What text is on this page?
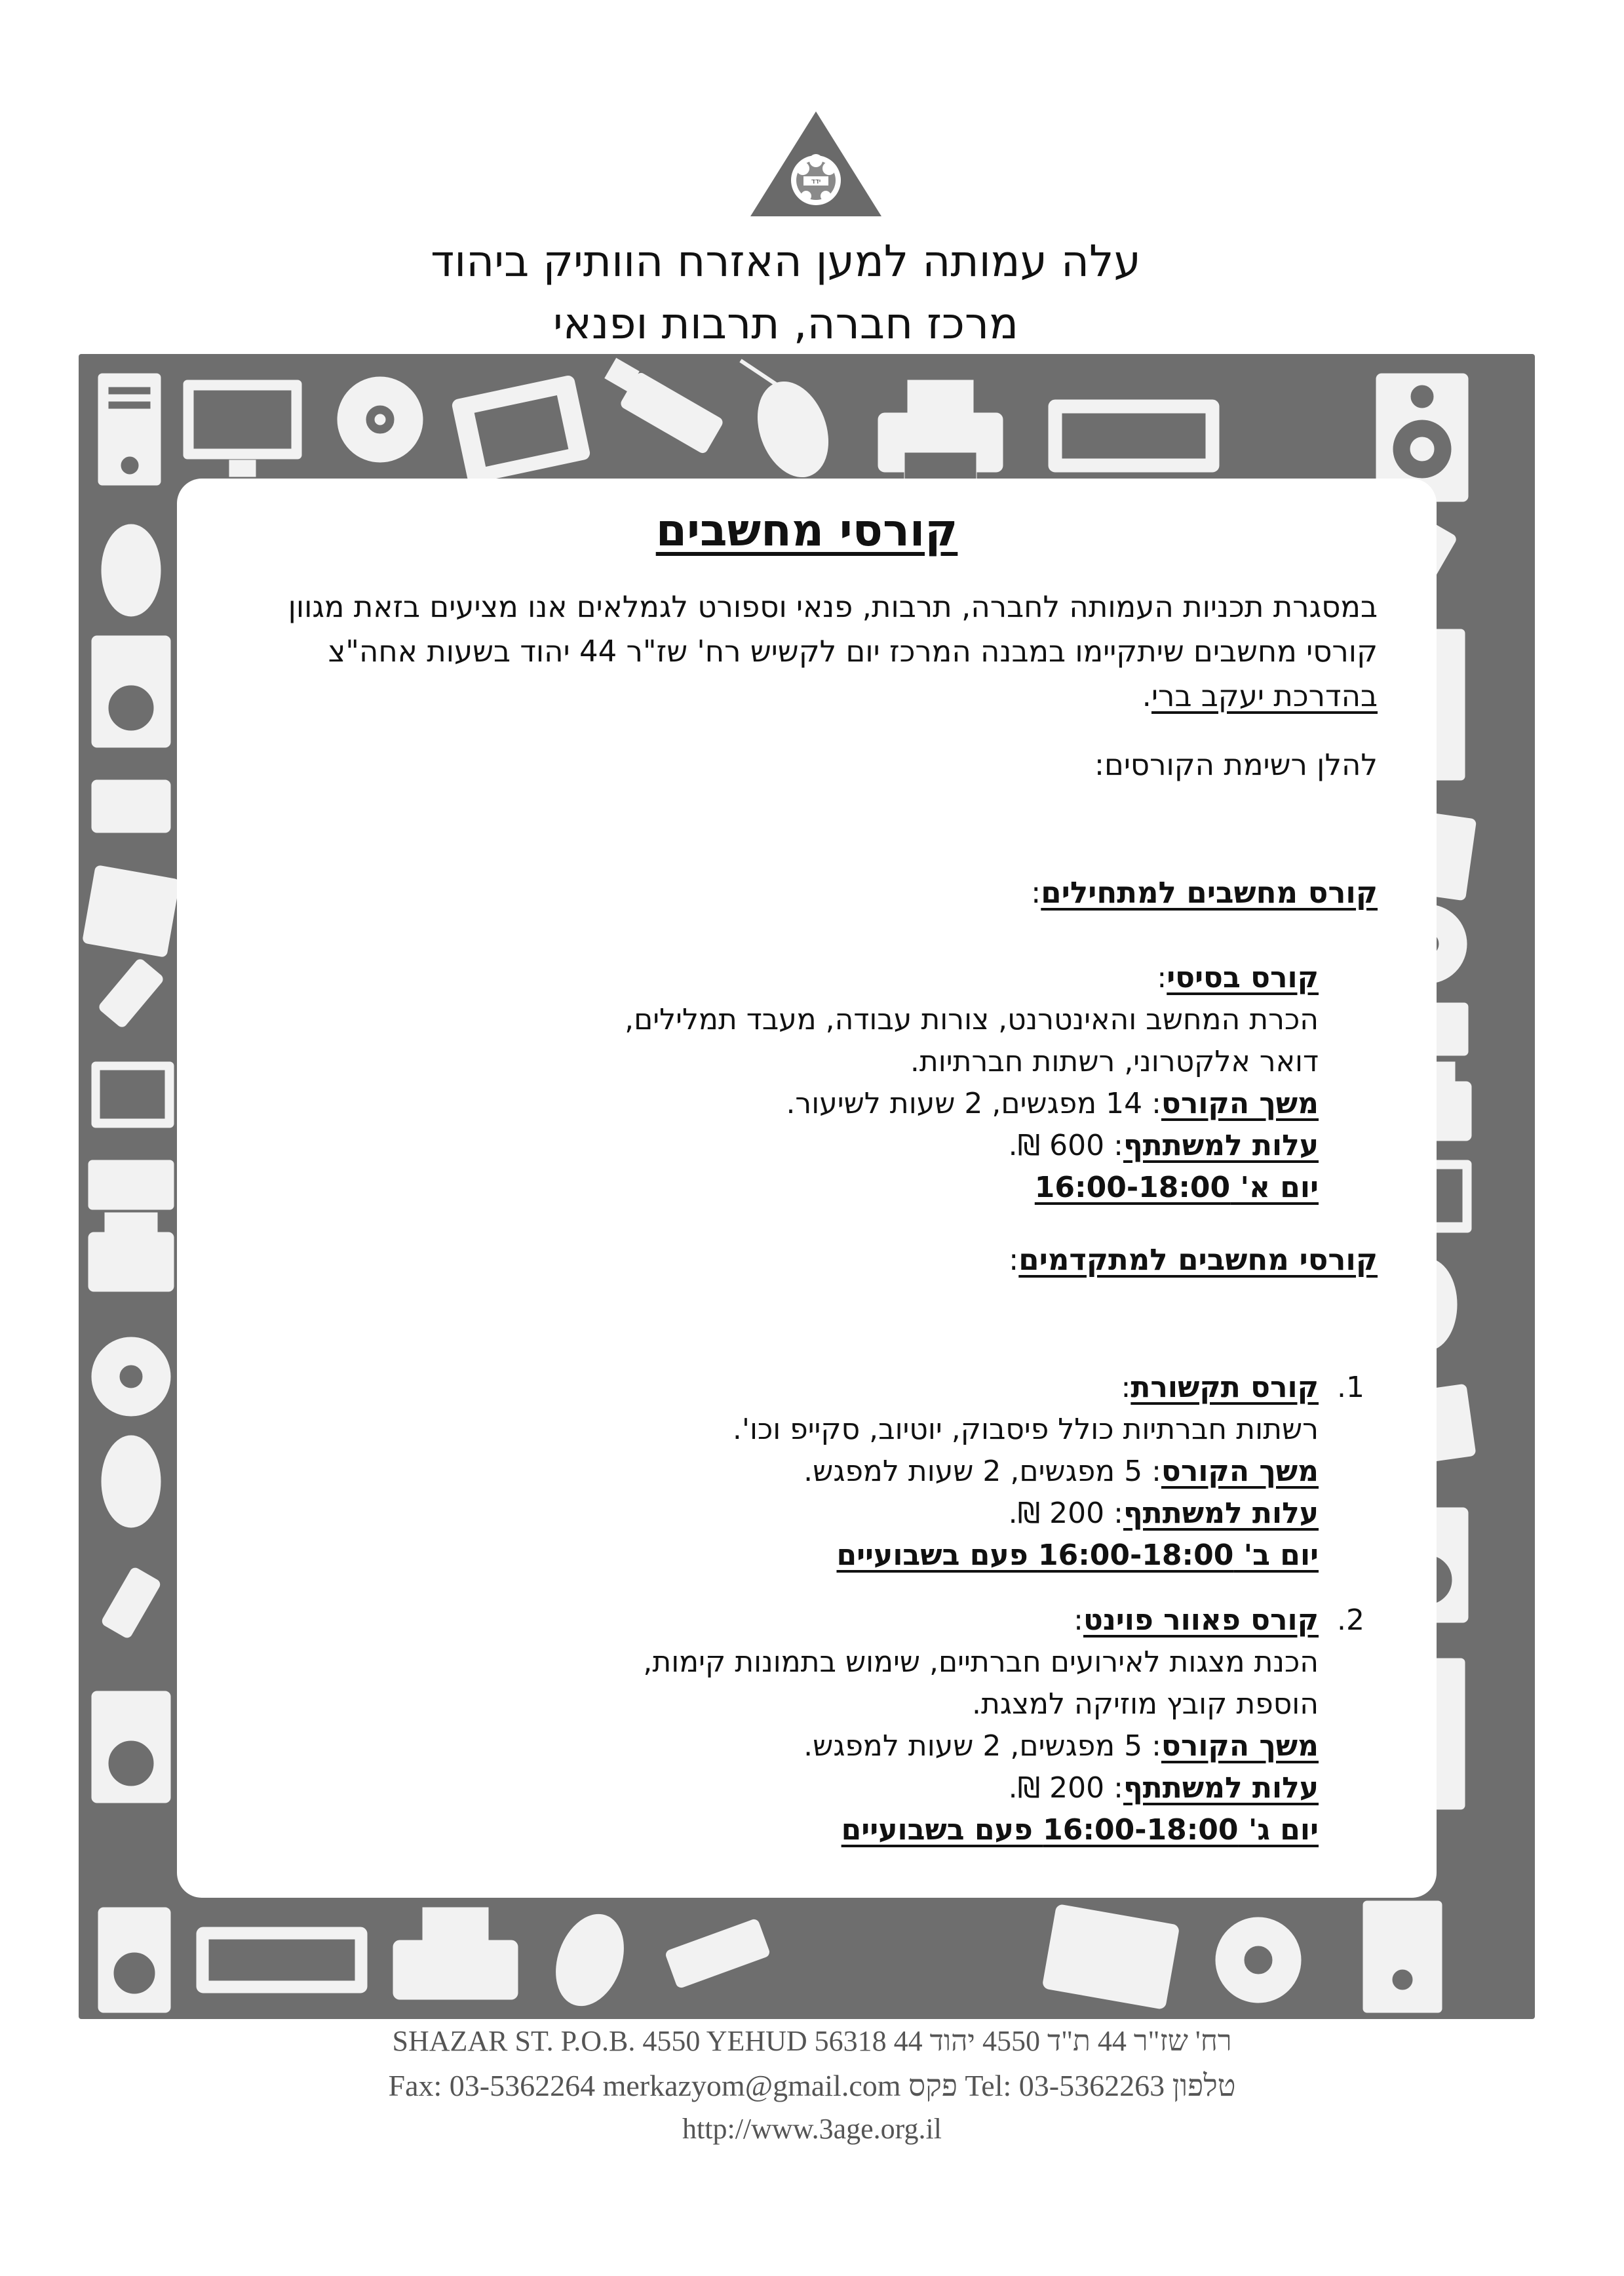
ידד
עלה עמותה למען האזרח הוותיק ביהוד
מרכז חברה, תרבות ופנאי
קורסי מחשבים

במסגרת תכניות העמותה לחברה, תרבות, פנאי וספורט לגמלאים אנו מציעים בזאת מגוון קורסי מחשבים שיתקיימו במבנה המרכז יום לקשיש רח' שז"ר 44 יהוד בשעות אחה"צ בהדרכת יעקב ברי.

להלן רשימת הקורסים:

קורס מחשבים למתחילים:

קורס בסיסי:

הכרת המחשב והאינטרנט, צורות עבודה, מעבד תמלילים,

דואר אלקטרוני, רשתות חברתיות.

משך הקורס: 14 מפגשים, 2 שעות לשיעור.

עלות למשתתף: 600 ₪.

יום א' 16:00-18:00

קורסי מחשבים למתקדמים:

1.

קורס תקשורת:

רשתות חברתיות כולל פיסבוק, יוטיוב, סקייפ וכו'.

משך הקורס: 5 מפגשים, 2 שעות למפגש.

עלות למשתתף: 200 ₪.

יום ב' 16:00-18:00 פעם בשבועיים

2.

קורס פאוור פוינט:

הכנת מצגות לאירועים חברתיים, שימוש בתמונות קימות,

הוספת קובץ מוזיקה למצגת.

משך הקורס: 5 מפגשים, 2 שעות למפגש.

עלות למשתתף: 200 ₪.

יום ג' 16:00-18:00 פעם בשבועיים

רח' שז"ר 44 ת"ד 4550 יהוד 44 SHAZAR ST. P.O.B. 4550 YEHUD 56318
טלפון Tel: 03-5362263 פקס Fax: 03-5362264 merkazyom@gmail.com
http://www.3age.org.il
